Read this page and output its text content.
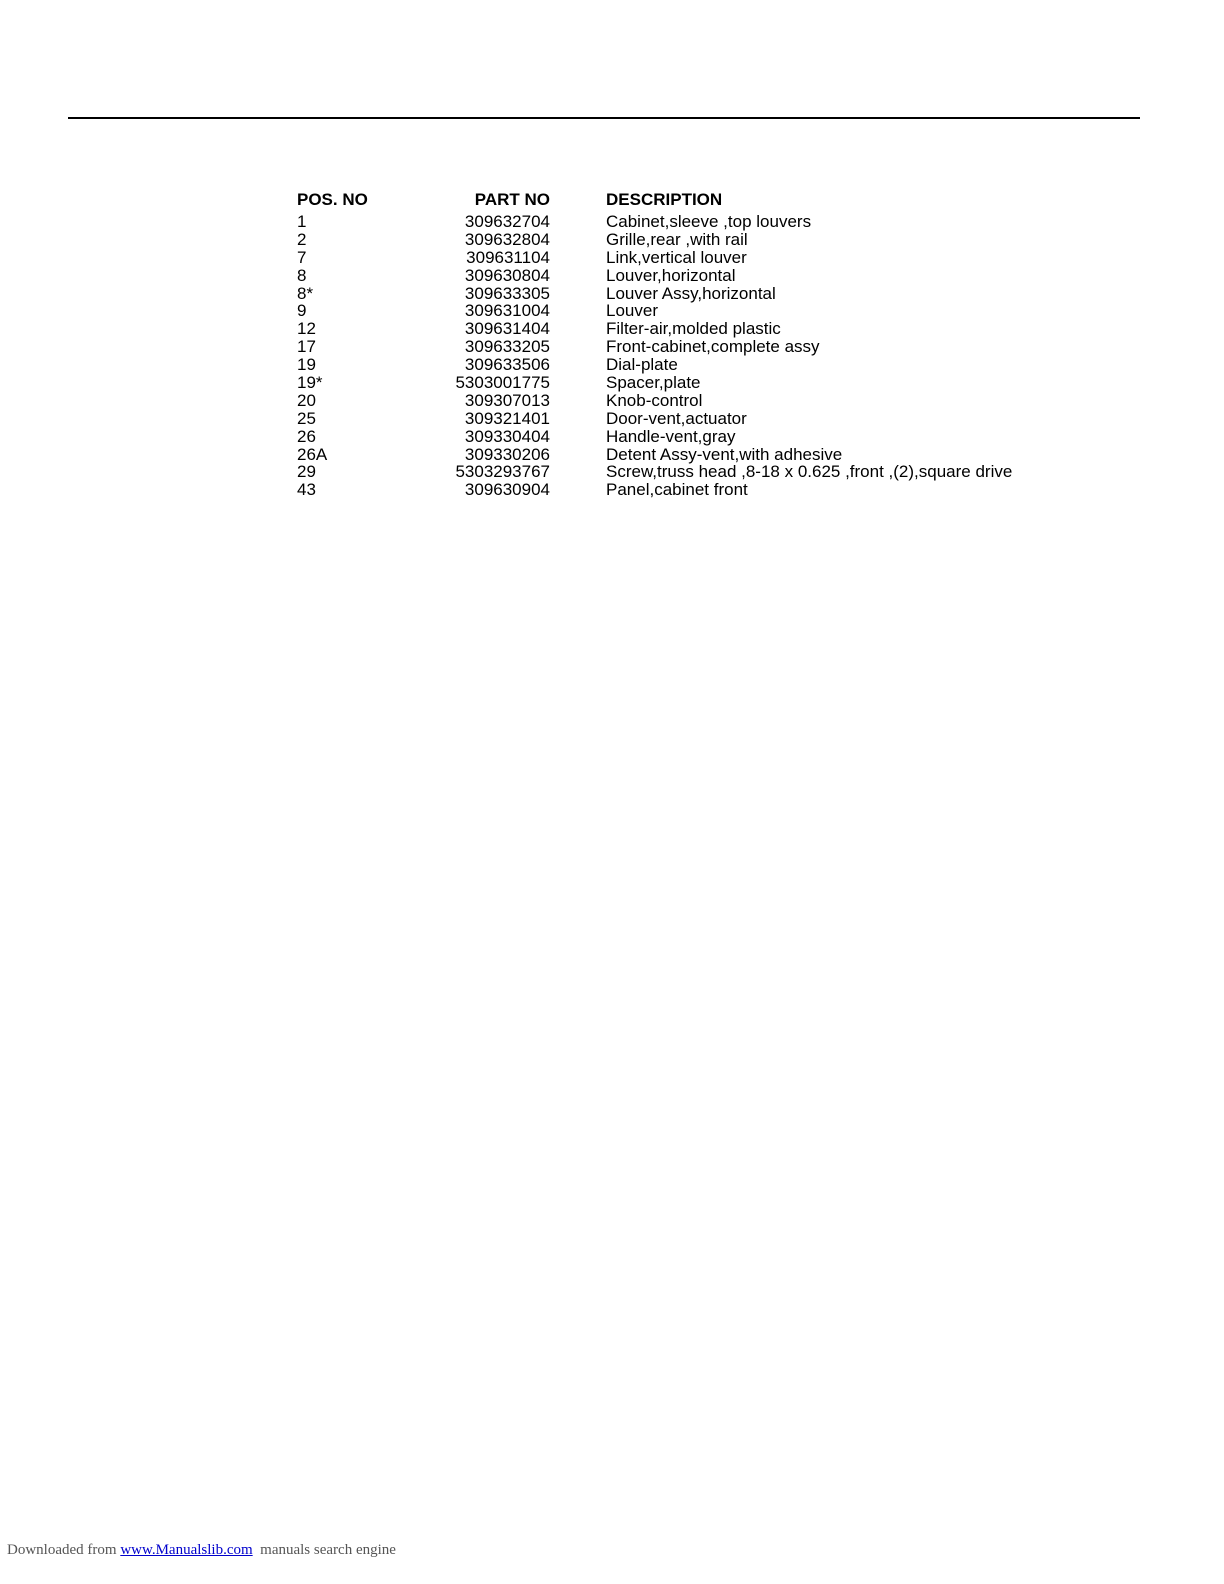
POS. NO	PART NO	DESCRIPTION
1	309632704	Cabinet,sleeve ,top louvers
2	309632804	Grille,rear ,with rail
7	309631104	Link,vertical louver
8	309630804	Louver,horizontal
8*	309633305	Louver Assy,horizontal
9	309631004	Louver
12	309631404	Filter-air,molded plastic
17	309633205	Front-cabinet,complete assy
19	309633506	Dial-plate
19*	5303001775	Spacer,plate
20	309307013	Knob-control
25	309321401	Door-vent,actuator
26	309330404	Handle-vent,gray
26A	309330206	Detent Assy-vent,with adhesive
29	5303293767	Screw,truss head ,8-18 x 0.625 ,front ,(2),square drive
43	309630904	Panel,cabinet front
Downloaded from www.Manualslib.com  manuals search engine
